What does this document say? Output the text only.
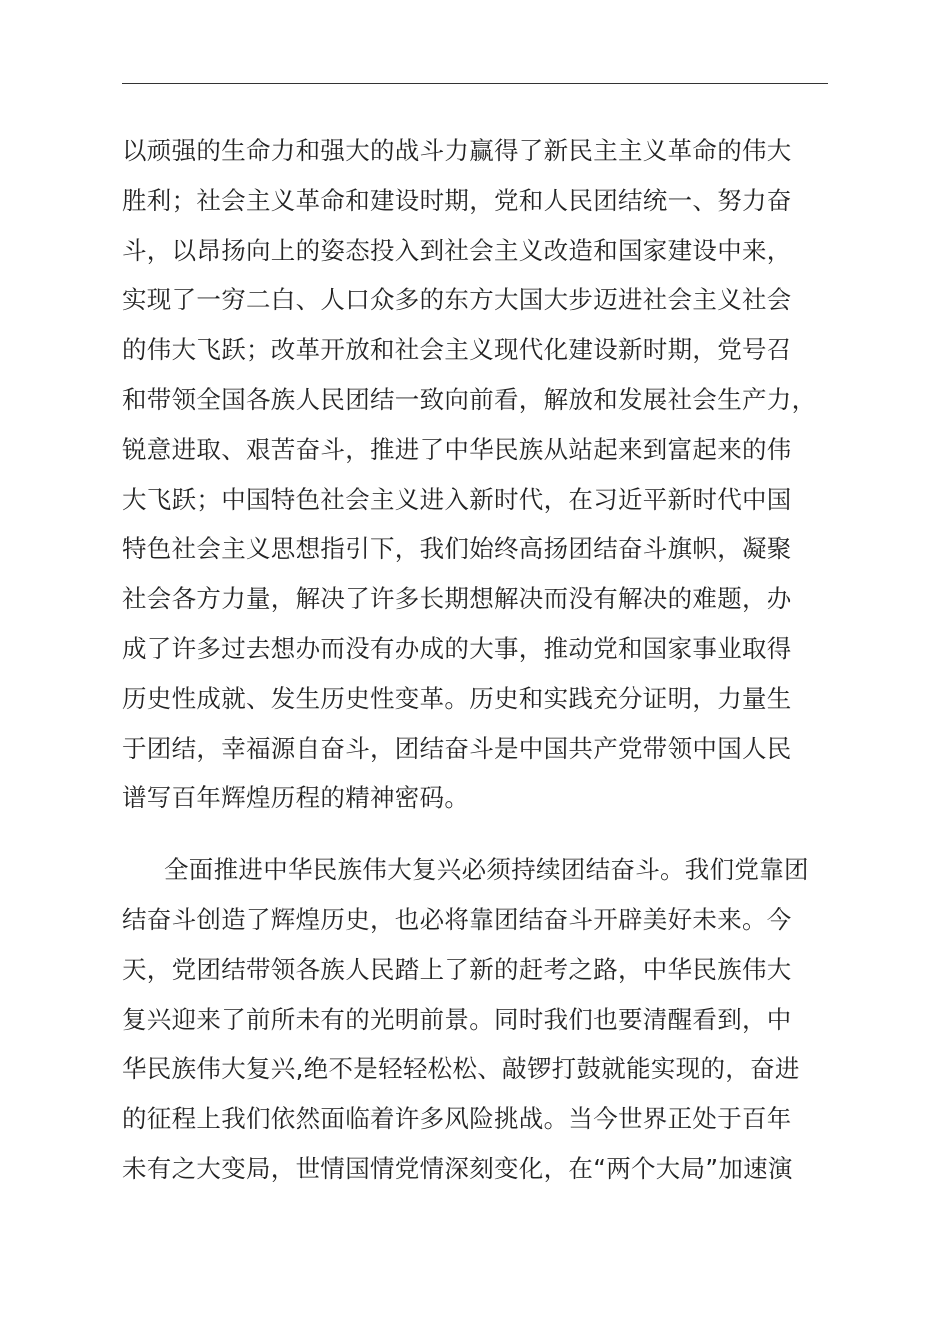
以顽强的生命力和强大的战斗力赢得了新民主主义革命的伟大
胜利；社会主义革命和建设时期，党和人民团结统一、努力奋
斗，以昂扬向上的姿态投入到社会主义改造和国家建设中来，
实现了一穷二白、人口众多的东方大国大步迈进社会主义社会
的伟大飞跃；改革开放和社会主义现代化建设新时期，党号召
和带领全国各族人民团结一致向前看，解放和发展社会生产力，
锐意进取、艰苦奋斗，推进了中华民族从站起来到富起来的伟
大飞跃；中国特色社会主义进入新时代，在习近平新时代中国
特色社会主义思想指引下，我们始终高扬团结奋斗旗帜，凝聚
社会各方力量，解决了许多长期想解决而没有解决的难题，办
成了许多过去想办而没有办成的大事，推动党和国家事业取得
历史性成就、发生历史性变革。历史和实践充分证明，力量生
于团结，幸福源自奋斗，团结奋斗是中国共产党带领中国人民
谱写百年辉煌历程的精神密码。
全面推进中华民族伟大复兴必须持续团结奋斗。我们党靠团
结奋斗创造了辉煌历史，也必将靠团结奋斗开辟美好未来。今
天，党团结带领各族人民踏上了新的赶考之路，中华民族伟大
复兴迎来了前所未有的光明前景。同时我们也要清醒看到，中
华民族伟大复兴,绝不是轻轻松松、敲锣打鼓就能实现的，奋进
的征程上我们依然面临着许多风险挑战。当今世界正处于百年
未有之大变局，世情国情党情深刻变化，在“两个大局”加速演
